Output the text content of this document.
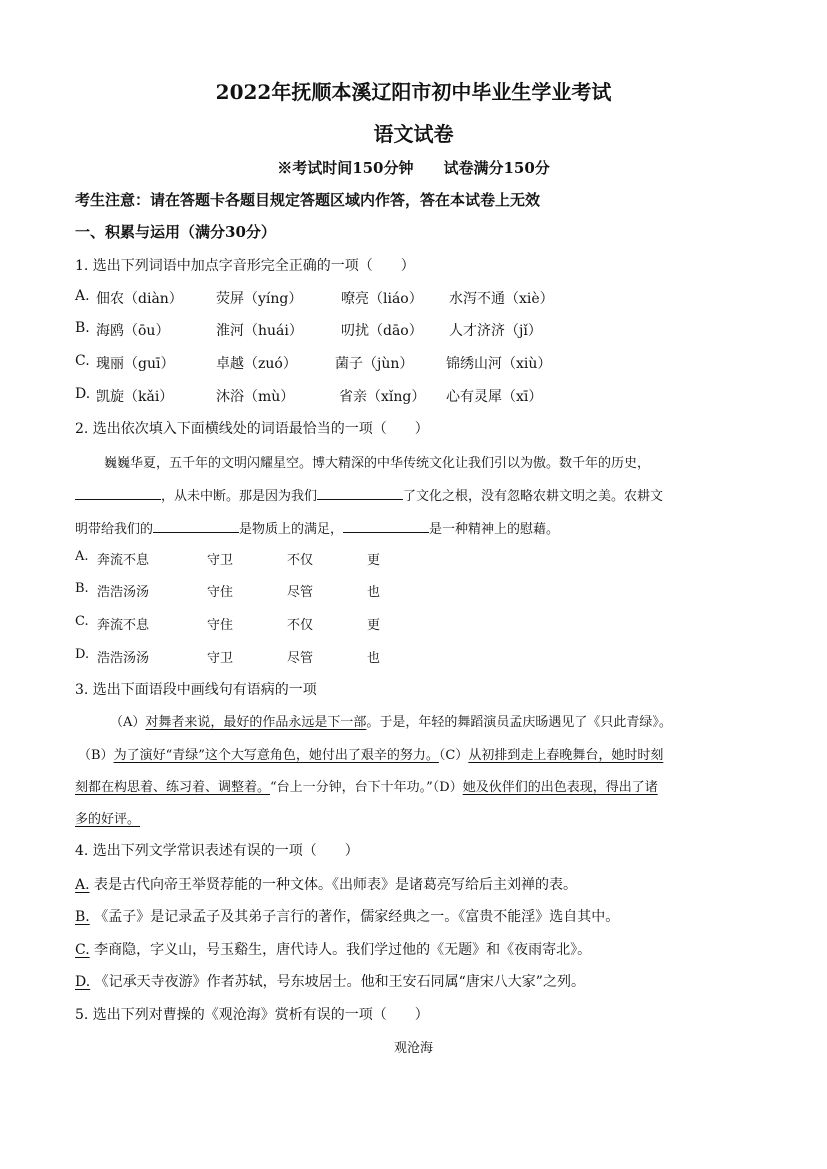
2022年抚顺本溪辽阳市初中毕业生学业考试
语文试卷
※考试时间150分钟　　试卷满分150分
考生注意：请在答题卡各题目规定答题区域内作答，答在本试卷上无效
一、积累与运用（满分30分）
1. 选出下列词语中加点字音形完全正确的一项（　　）
A. 佃农（diàn） 荧屏（yíng）	嘹亮（liáo） 水泻不通（xiè）
B. 海鸥（ōu）	淮河（huái）	叨扰（dāo） 人才济济（jǐ）
C. 瑰丽（guī）	卓越（zuó）	菌子（jùn） 锦绣山河（xiù）
D. 凯旋（kǎi）	沐浴（mù）	省亲（xǐng） 心有灵犀（xī）
2. 选出依次填入下面横线处的词语最恰当的一项（　　）
巍巍华夏，五千年的文明闪耀星空。博大精深的中华传统文化让我们引以为傲。数千年的历史，
，从未中断。那是因为我们	了文化之根，没有忽略农耕文明之美。农耕文
明带给我们的	是物质上的满足，	是一种精神上的慰藉。
A. 奔流不息	守卫	不仅	更
B. 浩浩汤汤	守住	尽管	也
C. 奔流不息	守住	不仅	更
D. 浩浩汤汤	守卫	尽管	也
3. 选出下面语段中画线句有语病的一项
（A）对舞者来说，最好的作品永远是下一部。于是，年轻的舞蹈演员孟庆旸遇见了《只此青绿》。
（B）为了演好“青绿”这个大写意角色，她付出了艰辛的努力。（C）从初排到走上春晚舞台，她时时刻
刻都在构思着、练习着、调整着。“台上一分钟，台下十年功。”（D）她及伙伴们的出色表现，得出了诸
多的好评。
4. 选出下列文学常识表述有误的一项（　　）
A. 表是古代向帝王举贤荐能的一种文体。《出师表》是诸葛亮写给后主刘禅的表。
B. 《孟子》是记录孟子及其弟子言行的著作，儒家经典之一。《富贵不能淫》选自其中。
C. 李商隐，字义山，号玉谿生，唐代诗人。我们学过他的《无题》和《夜雨寄北》。
D. 《记承天寺夜游》作者苏轼，号东坡居士。他和王安石同属“唐宋八大家”之列。
5. 选出下列对曹操的《观沧海》赏析有误的一项（　　）
观沧海
